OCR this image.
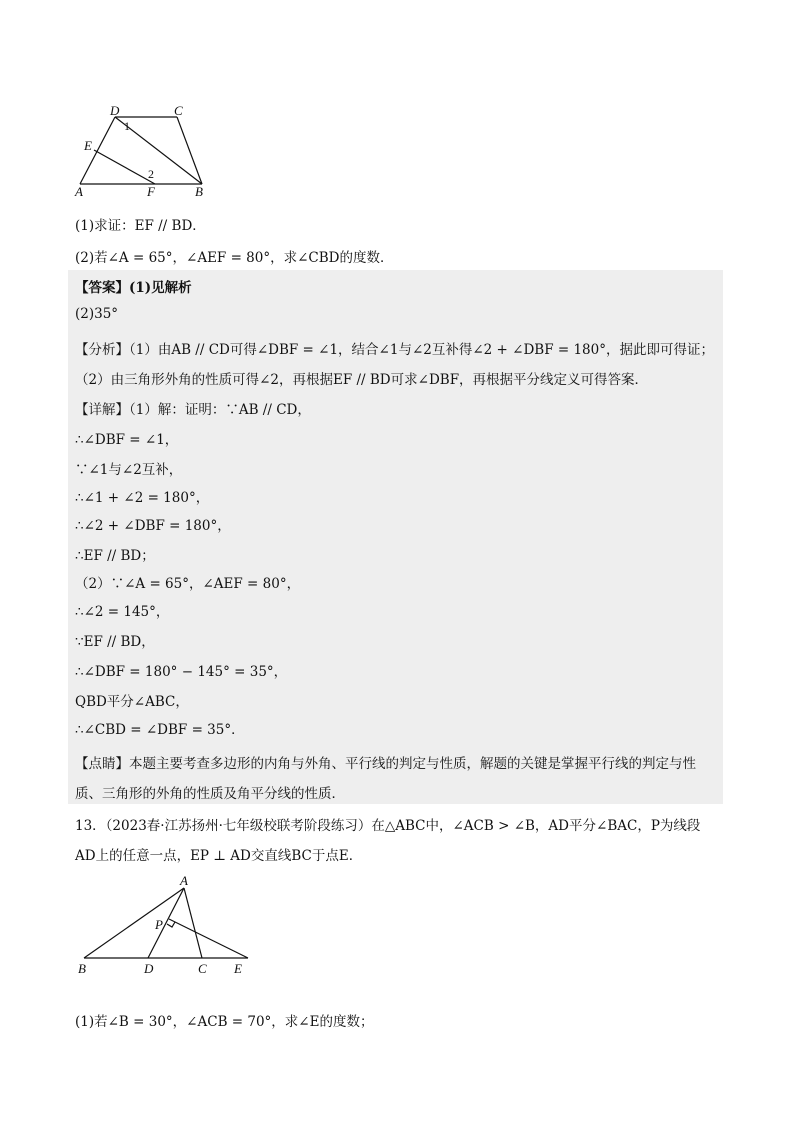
D	C
E
A	F	B
1
2
(1)求证：EF // BD．
(2)若∠A = 65°，∠AEF = 80°，求∠CBD的度数．
【答案】(1)见解析
(2)35°
【分析】（1）由AB // CD可得∠DBF = ∠1，结合∠1与∠2互补得∠2 + ∠DBF = 180°，据此即可得证；
（2）由三角形外角的性质可得∠2，再根据EF // BD可求∠DBF，再根据平分线定义可得答案．
【详解】（1）解：证明：∵AB // CD，
∴∠DBF = ∠1，
∵∠1与∠2互补，
∴∠1 + ∠2 = 180°，
∴∠2 + ∠DBF = 180°，
∴EF // BD；
（2）∵∠A = 65°，∠AEF = 80°，
∴∠2 = 145°，
∵EF // BD，
∴∠DBF = 180° − 145° = 35°，
QBD平分∠ABC，
∴∠CBD = ∠DBF = 35°．
【点睛】本题主要考查多边形的内角与外角、平行线的判定与性质，解题的关键是掌握平行线的判定与性
质、三角形的外角的性质及角平分线的性质．
13．（2023春·江苏扬州·七年级校联考阶段练习）在△ABC中，∠ACB > ∠B，AD平分∠BAC，P为线段
AD上的任意一点，EP ⊥ AD交直线BC于点E．
A
P
B	D	C E
(1)若∠B = 30°，∠ACB = 70°，求∠E的度数；
